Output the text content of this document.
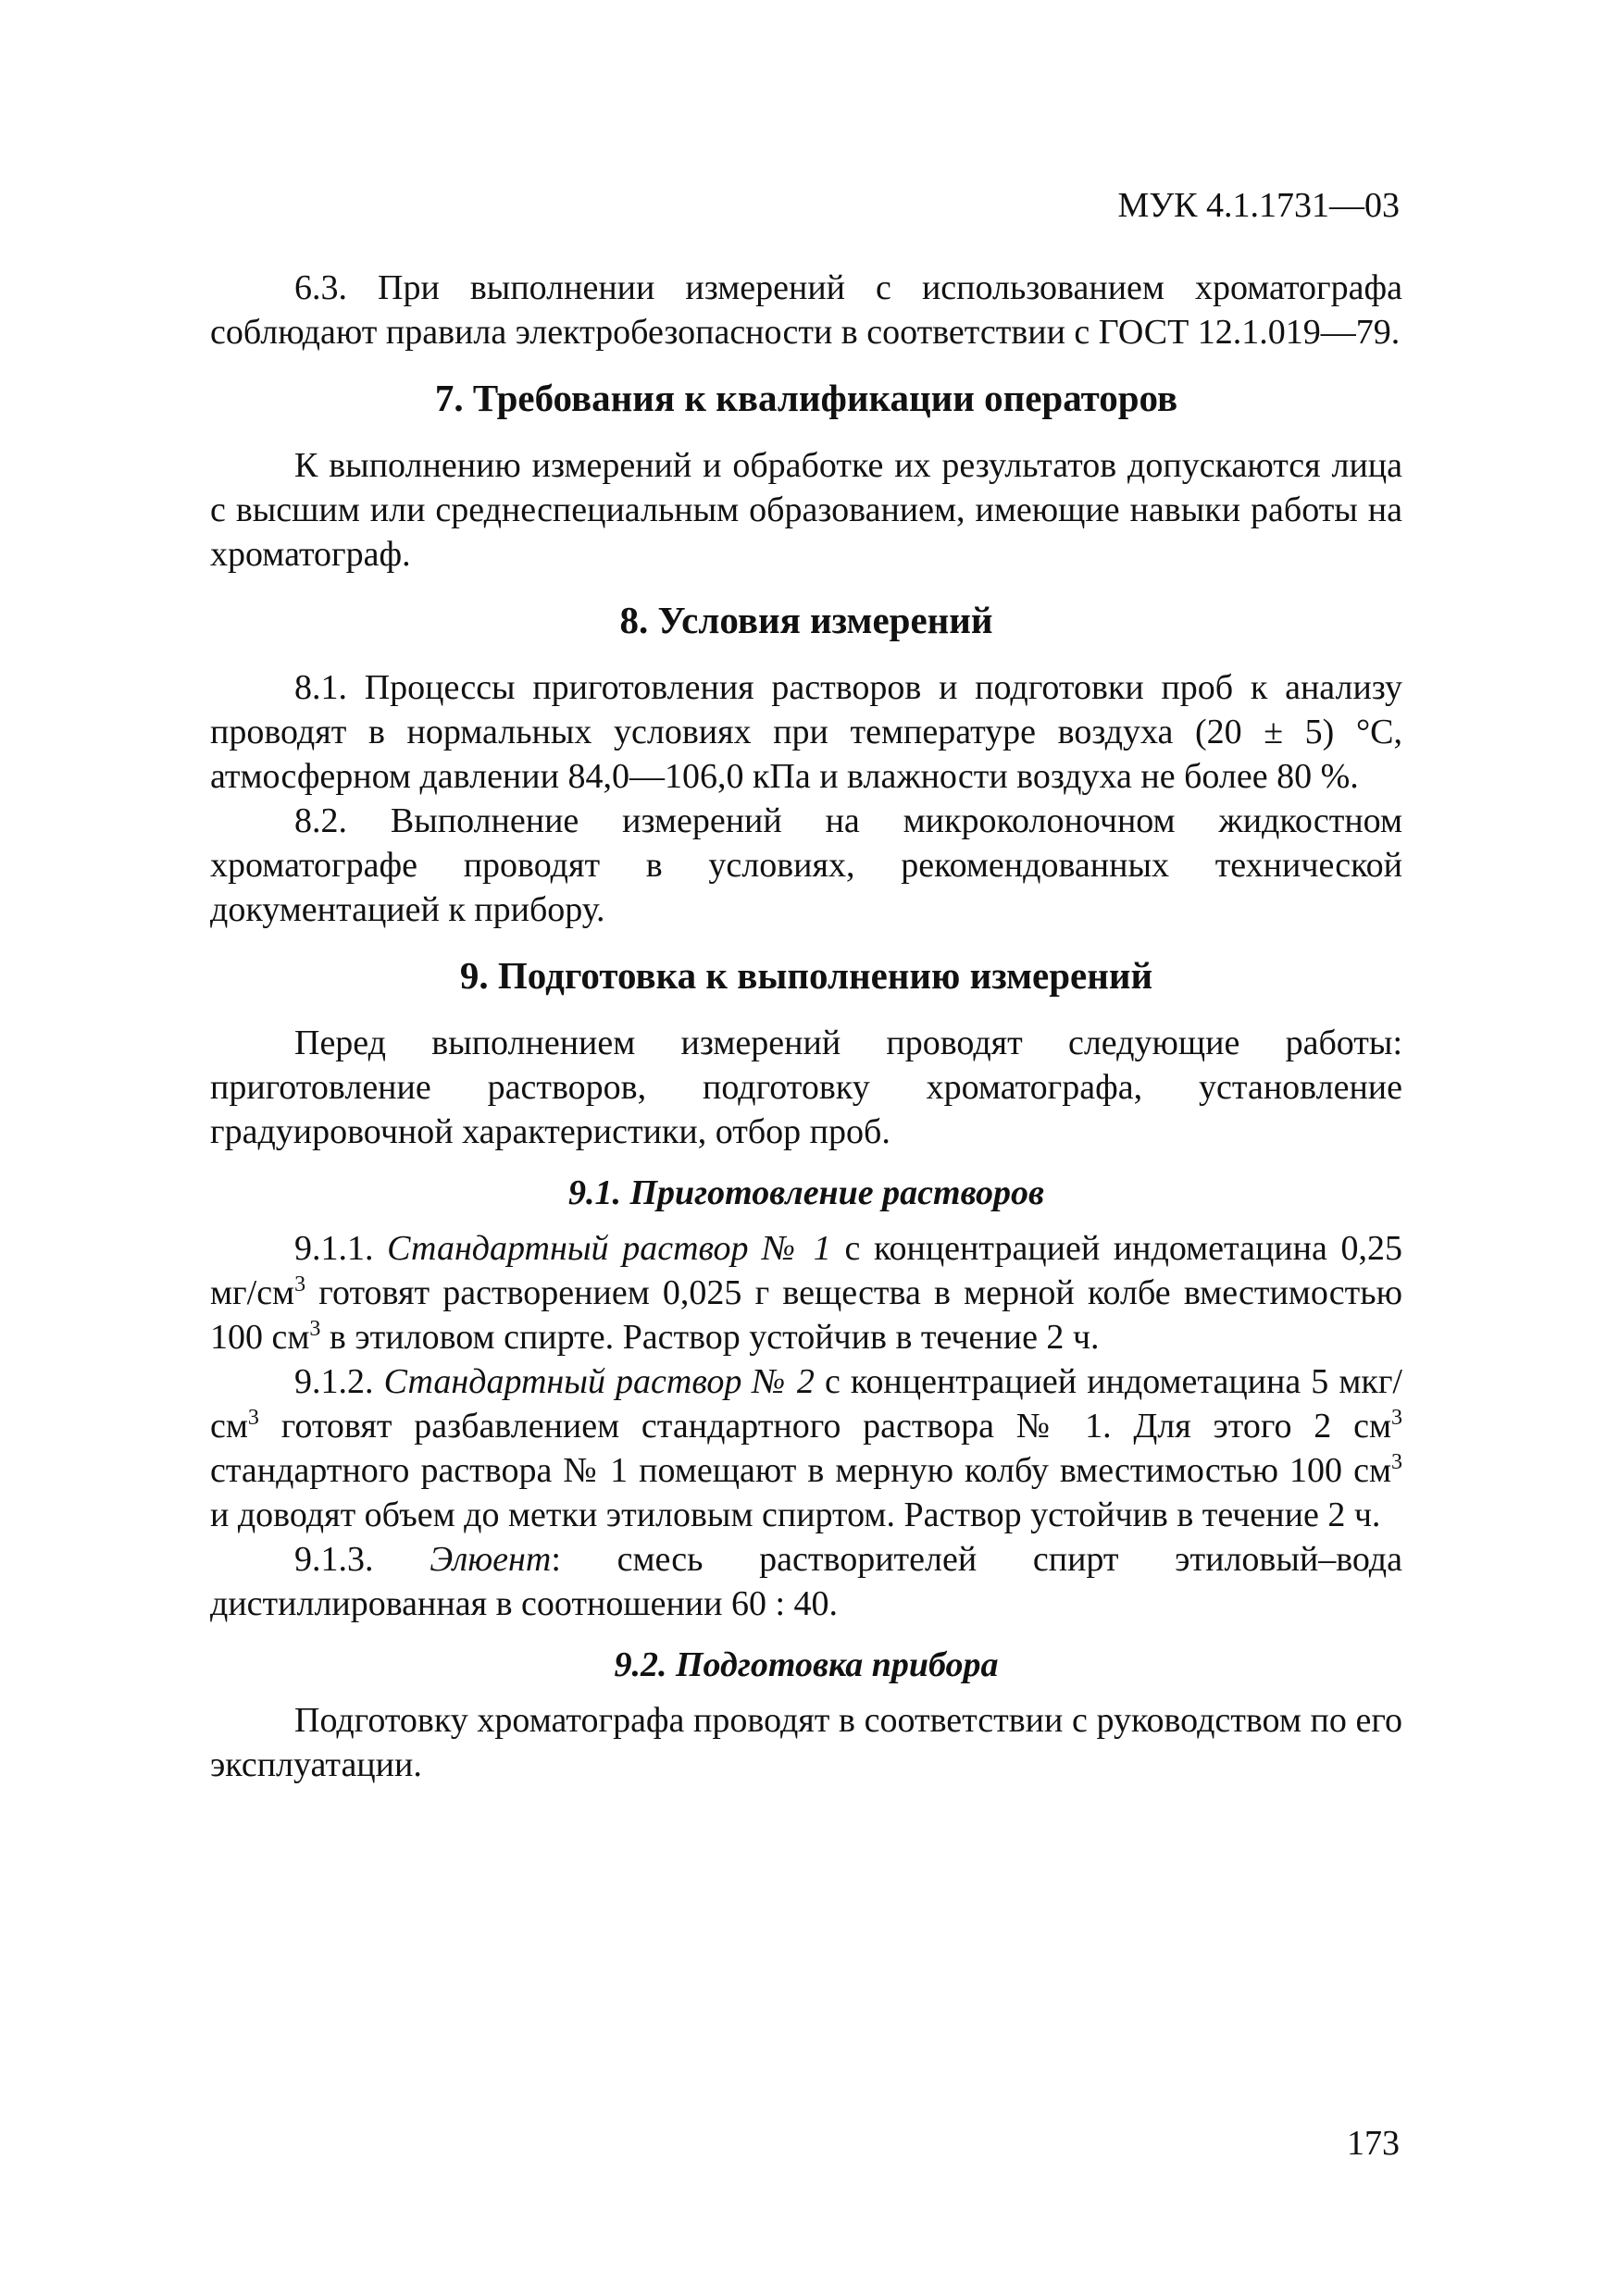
МУК 4.1.1731—03

6.3. При выполнении измерений с использованием хроматографа соблюдают правила электробезопасности в соответствии с ГОСТ 12.1.019—79.

7. Требования к квалификации операторов

К выполнению измерений и обработке их результатов допускаются лица с высшим или среднеспециальным образованием, имеющие навыки работы на хроматограф.

8. Условия измерений

8.1. Процессы приготовления растворов и подготовки проб к анализу проводят в нормальных условиях при температуре воздуха (20 ± 5) °С, атмосферном давлении 84,0—106,0 кПа и влажности воздуха не более 80 %.

8.2. Выполнение измерений на микроколоночном жидкостном хроматографе проводят в условиях, рекомендованных технической документацией к прибору.

9. Подготовка к выполнению измерений

Перед выполнением измерений проводят следующие работы: приготовление растворов, подготовку хроматографа, установление градуировочной характеристики, отбор проб.

9.1. Приготовление растворов

9.1.1. Стандартный раствор № 1 с концентрацией индометацина 0,25 $мг/см^3$ готовят растворением 0,025 г вещества в мерной колбе вместимостью 100 $см^3$ в этиловом спирте. Раствор устойчив в течение 2 ч.

9.1.2. Стандартный раствор № 2 с концентрацией индометацина 5 мкг/$см^3$ готовят разбавлением стандартного раствора № 1. Для этого 2 $см^3$ стандартного раствора № 1 помещают в мерную колбу вместимостью 100 $см^3$ и доводят объем до метки этиловым спиртом. Раствор устойчив в течение 2 ч.

9.1.3. Элюент: смесь растворителей спирт этиловый–вода дистиллированная в соотношении 60 : 40.

9.2. Подготовка прибора

Подготовку хроматографа проводят в соответствии с руководством по его эксплуатации.

173
